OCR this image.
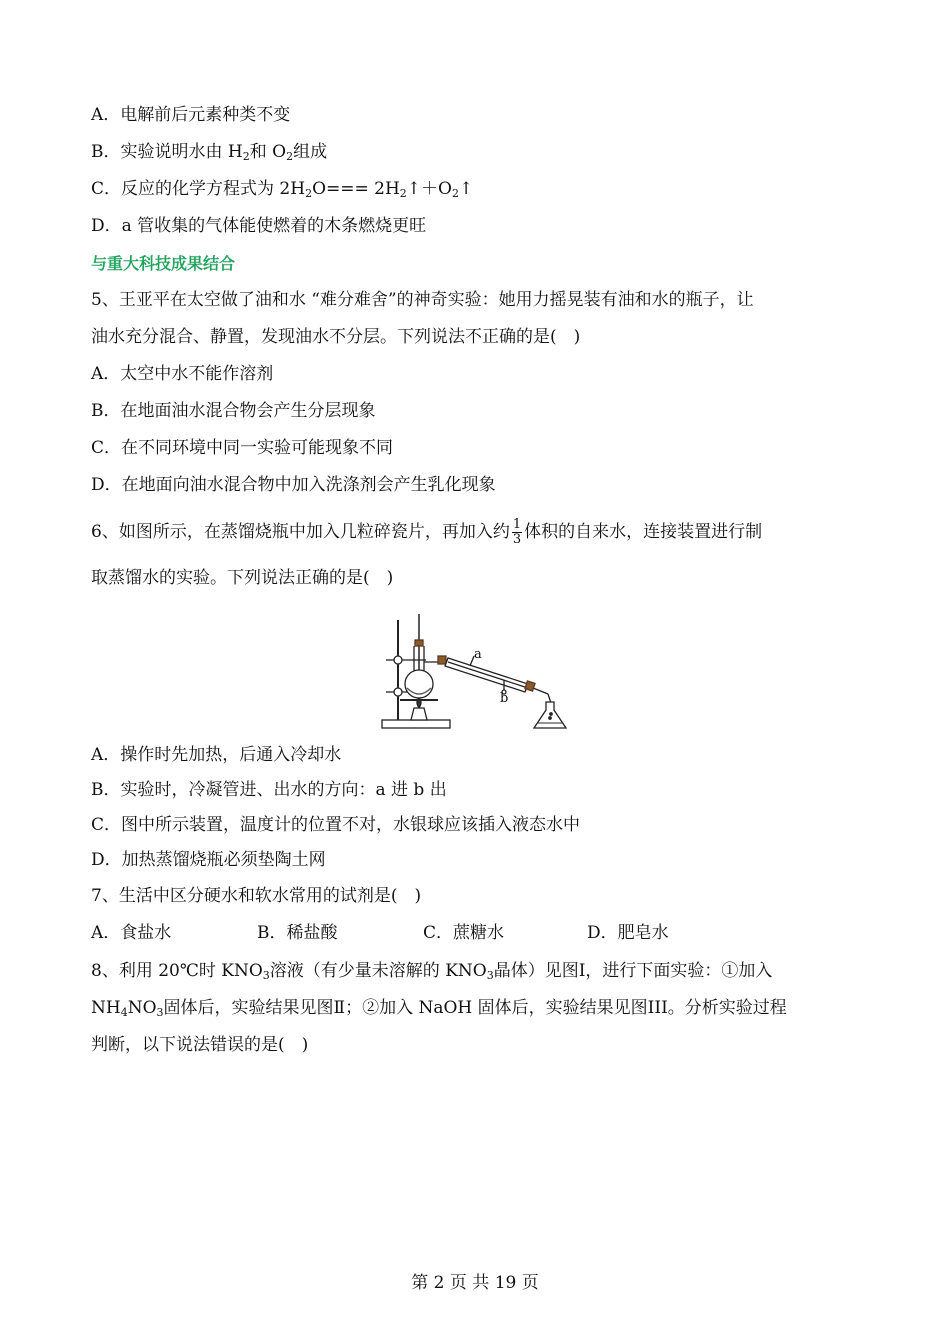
A．电解前后元素种类不变
B．实验说明水由 $H_2$和 $O_2$组成
C．反应的化学方程式为 $2H_2O===$ $2H_2↑+O_2↑$
D．a 管收集的气体能使燃着的木条燃烧更旺
与重大科技成果结合
5、王亚平在太空做了油和水 “难分难舍”的神奇实验：她用力摇晃装有油和水的瓶子，让
油水充分混合、静置，发现油水不分层。下列说法不正确的是(　)
A．太空中水不能作溶剂
B．在地面油水混合物会产生分层现象
C．在不同环境中同一实验可能现象不同
D．在地面向油水混合物中加入洗涤剂会产生乳化现象
6、如图所示，在蒸馏烧瓶中加入几粒碎瓷片，再加入约 $\frac{1}{3}$ 体积的自来水，连接装置进行制
取蒸馏水的实验。下列说法正确的是(　)
a
b
A．操作时先加热，后通入冷却水
B．实验时，冷凝管进、出水的方向：a 进 b 出
C．图中所示装置，温度计的位置不对，水银球应该插入液态水中
D．加热蒸馏烧瓶必须垫陶土网
7、生活中区分硬水和软水常用的试剂是(　)
A．食盐水	B．稀盐酸	C．蔗糖水	D．肥皂水
8、利用 20℃时 $KNO_3$溶液（有少量未溶解的 $KNO_3$晶体）见图Ⅰ，进行下面实验：①加入
$NH_4NO_3$固体后，实验结果见图Ⅱ；②加入 NaOH 固体后，实验结果见图III。分析实验过程
判断，以下说法错误的是(　)
第 2 页 共 19 页
